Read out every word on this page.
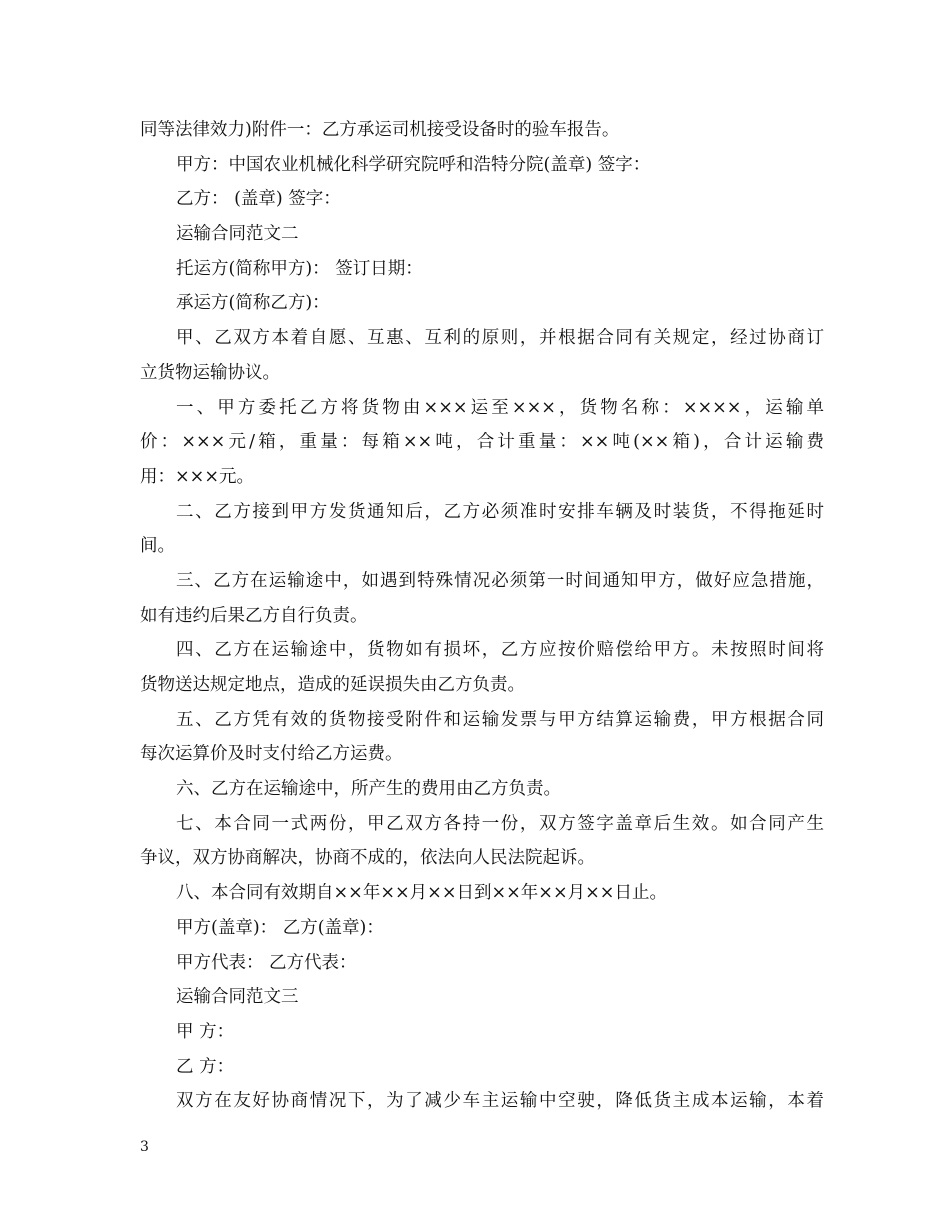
同等法律效力)附件一：乙方承运司机接受设备时的验车报告。
甲方：中国农业机械化科学研究院呼和浩特分院(盖章) 签字：
乙方： (盖章) 签字：
运输合同范文二
托运方(简称甲方)： 签订日期：
承运方(简称乙方)：
甲、乙双方本着自愿、互惠、互利的原则，并根据合同有关规定，经过协商订
立货物运输协议。
一、甲方委托乙方将货物由×××运至×××，货物名称：××××，运输单
价：×××元/箱，重量：每箱××吨，合计重量：××吨(××箱)，合计运输费
用：×××元。
二、乙方接到甲方发货通知后，乙方必须准时安排车辆及时装货，不得拖延时
间。
三、乙方在运输途中，如遇到特殊情况必须第一时间通知甲方，做好应急措施，
如有违约后果乙方自行负责。
四、乙方在运输途中，货物如有损坏，乙方应按价赔偿给甲方。未按照时间将
货物送达规定地点，造成的延误损失由乙方负责。
五、乙方凭有效的货物接受附件和运输发票与甲方结算运输费，甲方根据合同
每次运算价及时支付给乙方运费。
六、乙方在运输途中，所产生的费用由乙方负责。
七、本合同一式两份，甲乙双方各持一份，双方签字盖章后生效。如合同产生
争议，双方协商解决，协商不成的，依法向人民法院起诉。
八、本合同有效期自××年××月××日到××年××月××日止。
甲方(盖章)： 乙方(盖章)：
甲方代表： 乙方代表：
运输合同范文三
甲 方：
乙 方：
双方在友好协商情况下，为了减少车主运输中空驶，降低货主成本运输，本着
3
